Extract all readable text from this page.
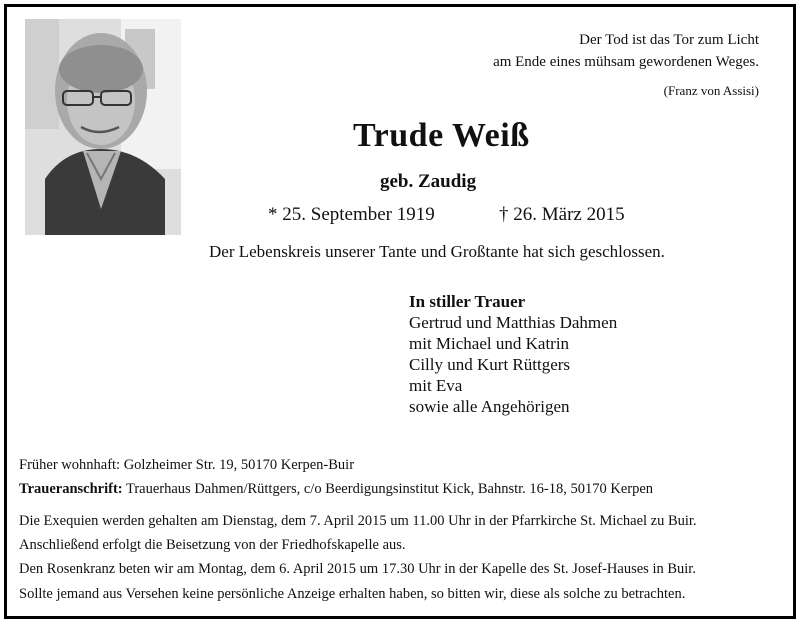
Der Tod ist das Tor zum Licht
am Ende eines mühsam gewordenen Weges.
(Franz von Assisi)
Trude Weiß
geb. Zaudig
* 25. September 1919	† 26. März 2015
Der Lebenskreis unserer Tante und Großtante hat sich geschlossen.
In stiller Trauer
Gertrud und Matthias Dahmen
mit Michael und Katrin
Cilly und Kurt Rüttgers
mit Eva
sowie alle Angehörigen
Früher wohnhaft: Golzheimer Str. 19, 50170 Kerpen-Buir
Traueranschrift: Trauerhaus Dahmen/Rüttgers, c/o Beerdigungsinstitut Kick, Bahnstr. 16-18, 50170 Kerpen
Die Exequien werden gehalten am Dienstag, dem 7. April 2015 um 11.00 Uhr in der Pfarrkirche St. Michael zu Buir.
Anschließend erfolgt die Beisetzung von der Friedhofskapelle aus.
Den Rosenkranz beten wir am Montag, dem 6. April 2015 um 17.30 Uhr in der Kapelle des St. Josef-Hauses in Buir.
Sollte jemand aus Versehen keine persönliche Anzeige erhalten haben, so bitten wir, diese als solche zu betrachten.
